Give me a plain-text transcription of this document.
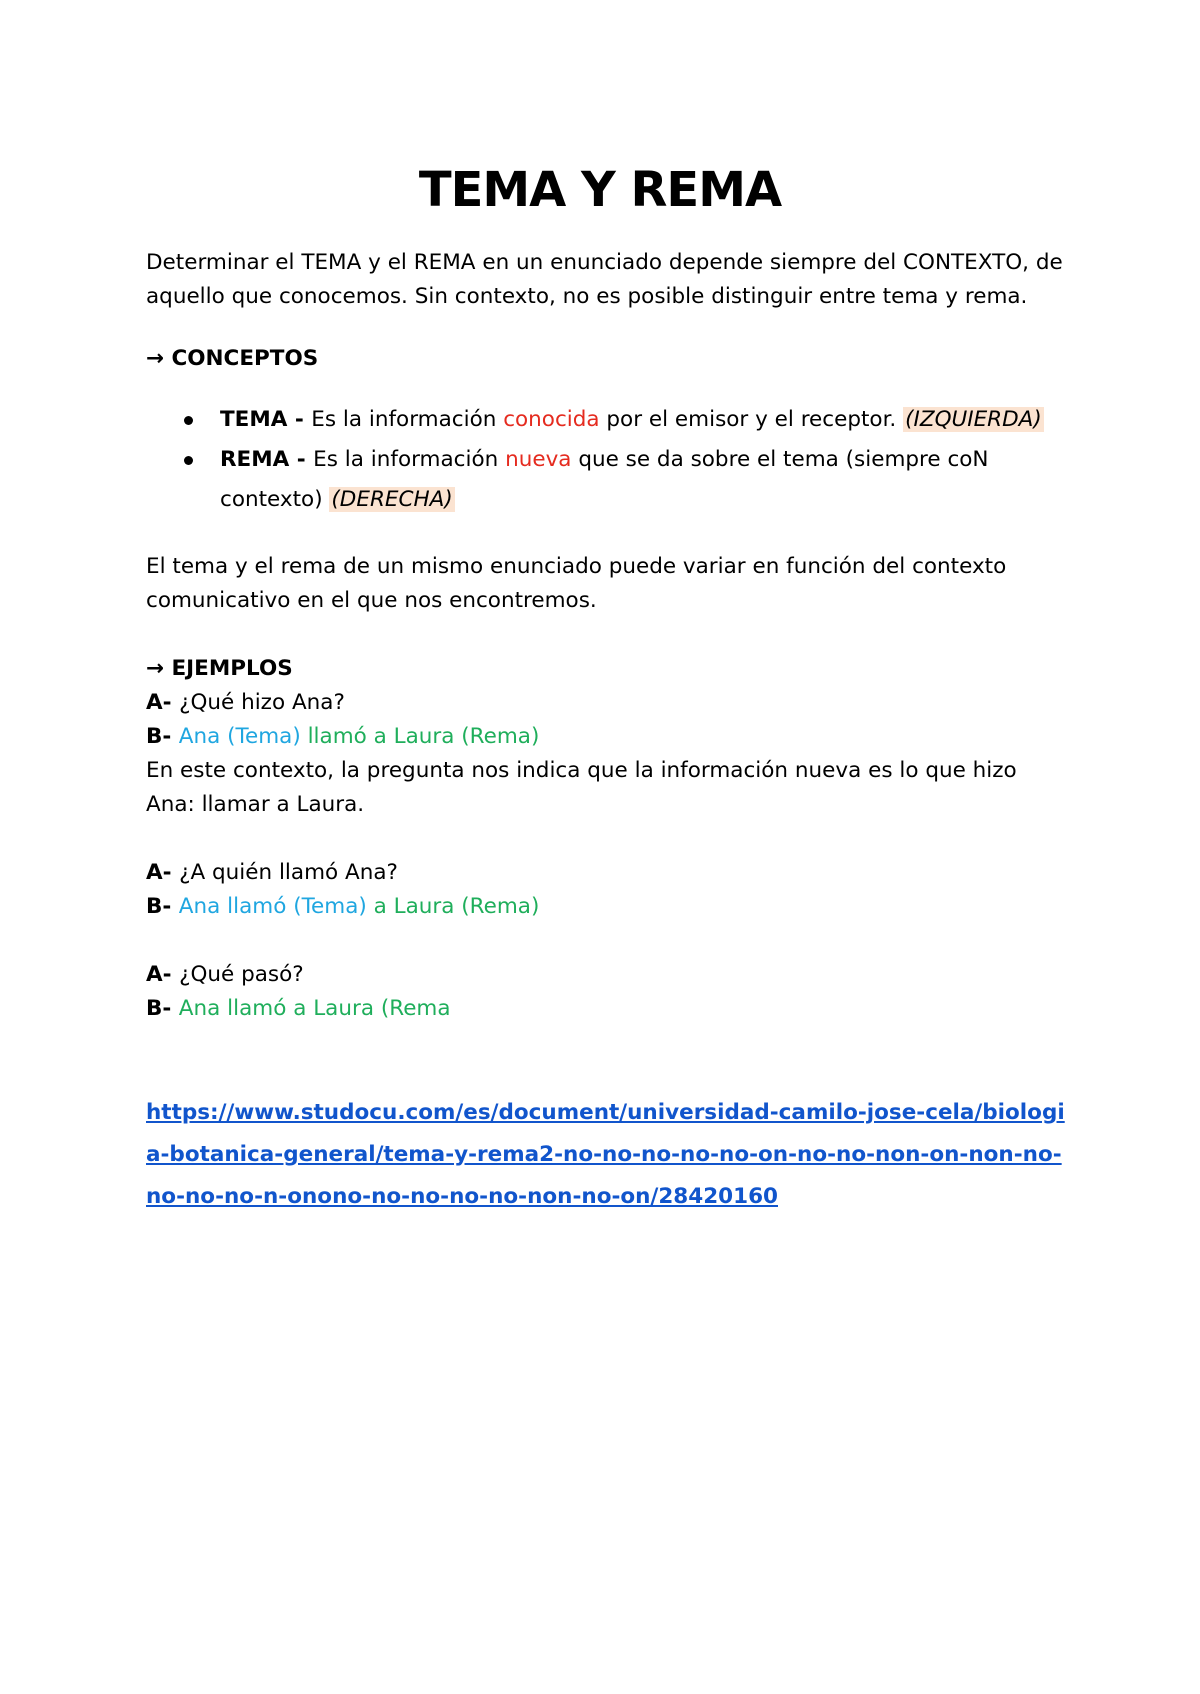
TEMA Y REMA

Determinar el TEMA y el REMA en un enunciado depende siempre del CONTEXTO, de aquello que conocemos. Sin contexto, no es posible distinguir entre tema y rema.

→ CONCEPTOS

TEMA - Es la información conocida por el emisor y el receptor. (IZQUIERDA)
REMA - Es la información nueva que se da sobre el tema (siempre coN contexto) (DERECHA)

El tema y el rema de un mismo enunciado puede variar en función del contexto comunicativo en el que nos encontremos.

→ EJEMPLOS

A- ¿Qué hizo Ana?

B- Ana (Tema) llamó a Laura (Rema)

En este contexto, la pregunta nos indica que la información nueva es lo que hizo Ana: llamar a Laura.

A- ¿A quién llamó Ana?

B- Ana llamó (Tema) a Laura (Rema)

A- ¿Qué pasó?

B- Ana llamó a Laura (Rema

https://www.studocu.com/es/document/universidad-camilo-jose-cela/biologia-botanica-general/tema-y-rema2-no-no-no-no-no-on-no-no-non-on-non-no-no-no-no-n-onono-no-no-no-no-non-no-on/28420160
